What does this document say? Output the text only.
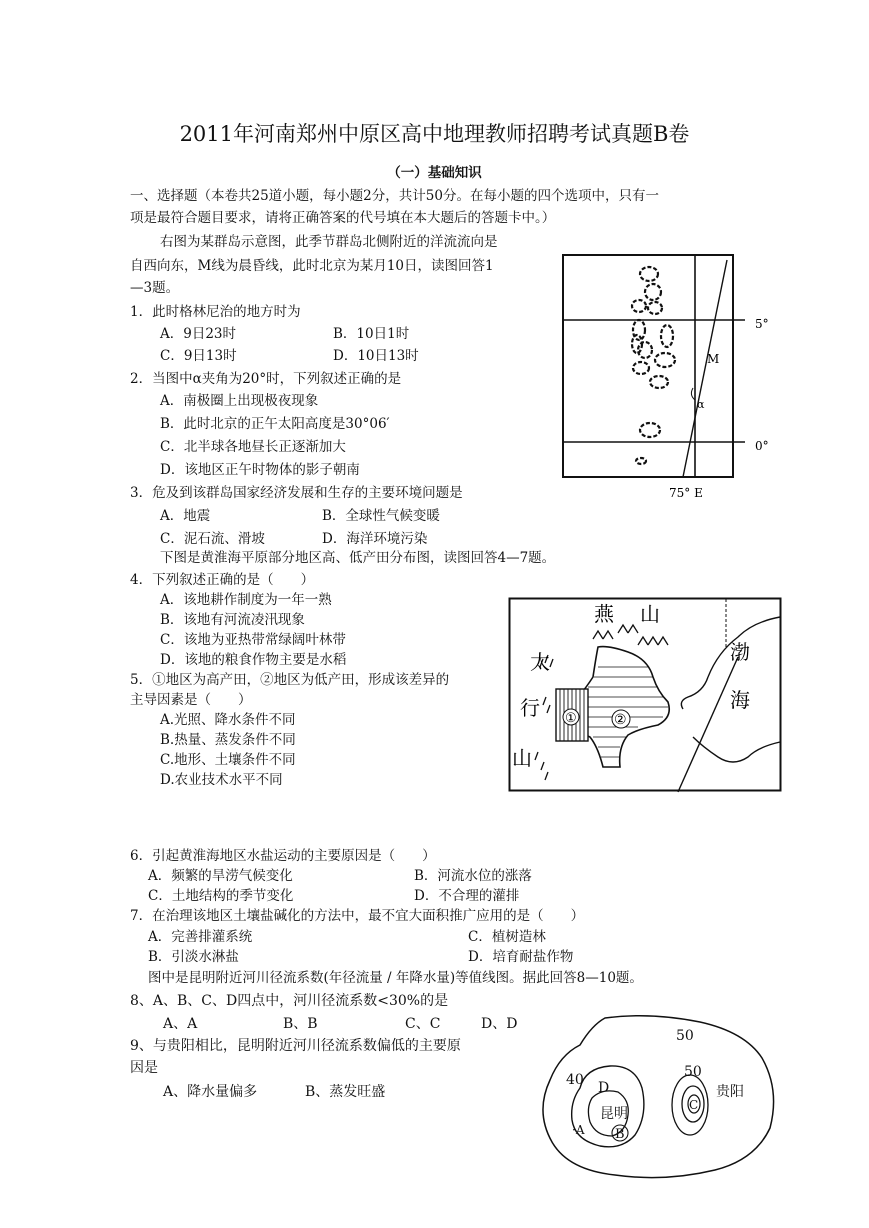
2011年河南郑州中原区高中地理教师招聘考试真题B卷
（一）基础知识
一、选择题（本卷共25道小题，每小题2分，共计50分。在每小题的四个选项中，只有一
项是最符合题目要求，请将正确答案的代号填在本大题后的答题卡中。）
右图为某群岛示意图，此季节群岛北侧附近的洋流流向是
自西向东，M线为晨昏线，此时北京为某月10日，读图回答1
—3题。
1．此时格林尼治的地方时为
A．9日23时	B．10日1时
C．9日13时	D．10日13时
2．当图中α夹角为20°时，下列叙述正确的是
A．南极圈上出现极夜现象
B．此时北京的正午太阳高度是30°06′
C．北半球各地昼长正逐渐加大
D．该地区正午时物体的影子朝南
3．危及到该群岛国家经济发展和生存的主要环境问题是
A．地震	B．全球性气候变暖
C．泥石流、滑坡	D．海洋环境污染
M
α
5°
0°
75° E
下图是黄淮海平原部分地区高、低产田分布图，读图回答4—7题。
4．下列叙述正确的是（　　）
A．该地耕作制度为一年一熟
B．该地有河流凌汛现象
C．该地为亚热带常绿阔叶林带
D．该地的粮食作物主要是水稻
5．①地区为高产田，②地区为低产田，形成该差异的
主导因素是（　　）
A.光照、降水条件不同
B.热量、蒸发条件不同
C.地形、土壤条件不同
D.农业技术水平不同
①	②
燕 山
太
行
山
渤
海
6．引起黄淮海地区水盐运动的主要原因是（　　）
A．频繁的旱涝气候变化	B．河流水位的涨落
C．土地结构的季节变化	D．不合理的灌排
7．在治理该地区土壤盐碱化的方法中，最不宜大面积推广应用的是（　　）
A．完善排灌系统	C．植树造林
B．引淡水淋盐	D．培育耐盐作物
图中是昆明附近河川径流系数(年径流量 / 年降水量)等值线图。据此回答8—10题。
8、A、B、C、D四点中，河川径流系数<30%的是
A、A	B、B	C、C	D、D
9、与贵阳相比，昆明附近河川径流系数偏低的主要原
因是
A、降水量偏多	B、蒸发旺盛
50
40	50
D
昆明
·A B
C
贵阳
